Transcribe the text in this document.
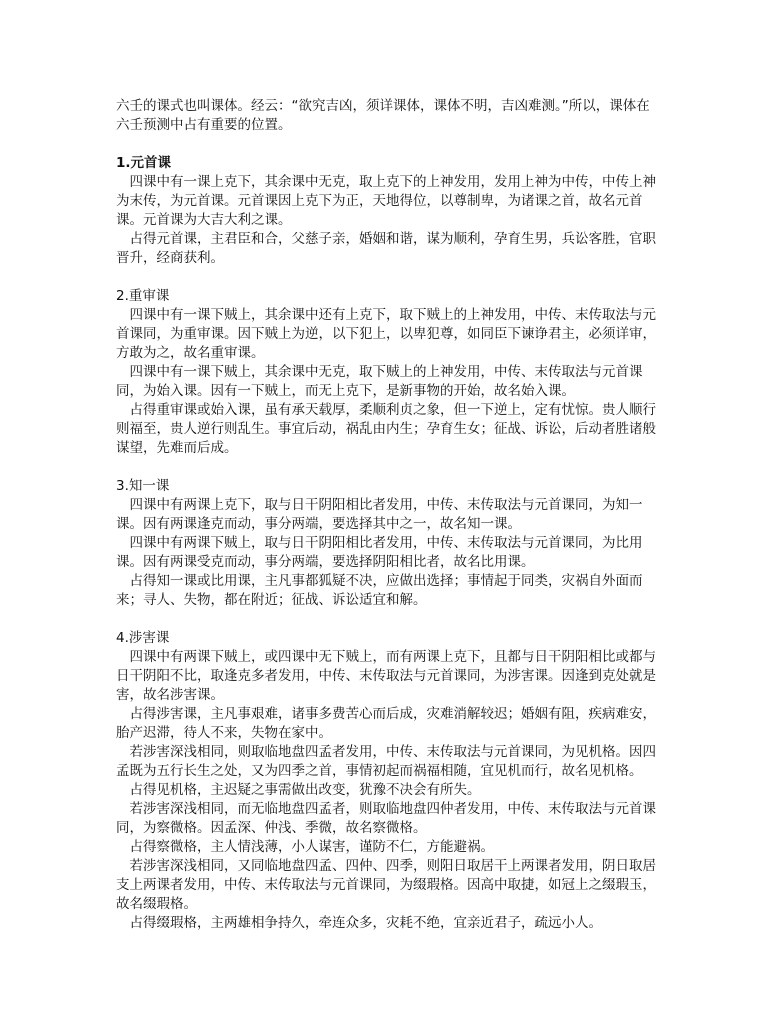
六壬的课式也叫课体。经云：“欲究吉凶，须详课体，课体不明，吉凶难测。”所以，课体在六壬预测中占有重要的位置。

1.元首课

　四课中有一课上克下，其余课中无克，取上克下的上神发用，发用上神为中传，中传上神为末传，为元首课。元首课因上克下为正，天地得位，以尊制卑，为诸课之首，故名元首课。元首课为大吉大利之课。

　占得元首课，主君臣和合，父慈子亲，婚姻和谐，谋为顺利，孕育生男，兵讼客胜，官职晋升，经商获利。

2.重审课

　四课中有一课下贼上，其余课中还有上克下，取下贼上的上神发用，中传、末传取法与元首课同，为重审课。因下贼上为逆，以下犯上，以卑犯尊，如同臣下谏诤君主，必须详审，方敢为之，故名重审课。

　四课中有一课下贼上，其余课中无克，取下贼上的上神发用，中传、末传取法与元首课同，为始入课。因有一下贼上，而无上克下，是新事物的开始，故名始入课。

　占得重审课或始入课，虽有承天载厚，柔顺利贞之象，但一下逆上，定有忧惊。贵人顺行则福至，贵人逆行则乱生。事宜后动，祸乱由内生；孕育生女；征战、诉讼，后动者胜诸般谋望，先难而后成。

3.知一课

　四课中有两课上克下，取与日干阴阳相比者发用，中传、末传取法与元首课同，为知一课。因有两课逢克而动，事分两端，要选择其中之一，故名知一课。

　四课中有两课下贼上，取与日干阴阳相比者发用，中传、末传取法与元首课同，为比用课。因有两课受克而动，事分两端，要选择阴阳相比者，故名比用课。

　占得知一课或比用课，主凡事都狐疑不决，应做出选择；事情起于同类，灾祸自外面而来；寻人、失物，都在附近；征战、诉讼适宜和解。

4.涉害课

　四课中有两课下贼上，或四课中无下贼上，而有两课上克下，且都与日干阴阳相比或都与日干阴阳不比，取逢克多者发用，中传、末传取法与元首课同，为涉害课。因逢到克处就是害，故名涉害课。

　占得涉害课，主凡事艰难，诸事多费苦心而后成，灾难消解较迟；婚姻有阻，疾病难安，胎产迟滞，待人不来，失物在家中。

　若涉害深浅相同，则取临地盘四孟者发用，中传、末传取法与元首课同，为见机格。因四孟既为五行长生之处，又为四季之首，事情初起而祸福相随，宜见机而行，故名见机格。

　占得见机格，主迟疑之事需做出改变，犹豫不决会有所失。

　若涉害深浅相同，而无临地盘四孟者，则取临地盘四仲者发用，中传、末传取法与元首课同，为察微格。因孟深、仲浅、季微，故名察微格。

　占得察微格，主人情浅薄，小人谋害，谨防不仁，方能避祸。

　若涉害深浅相同，又同临地盘四孟、四仲、四季，则阳日取居干上两课者发用，阴日取居支上两课者发用，中传、末传取法与元首课同，为缀瑕格。因高中取捷，如冠上之缀瑕玉，故名缀瑕格。

　占得缀瑕格，主两雄相争持久，牵连众多，灾耗不绝，宜亲近君子，疏远小人。
